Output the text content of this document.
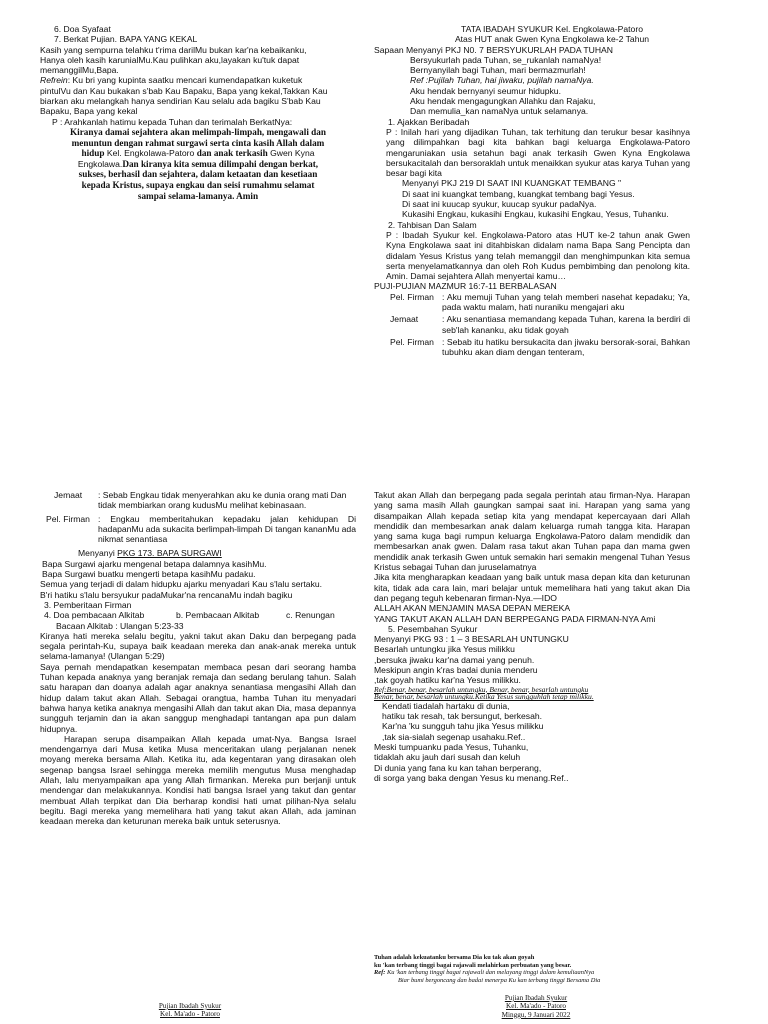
6. Doa Syafaat

7. Berkat Pujian. BAPA YANG KEKAL

Kasih yang sempurna telahku t'rima darilMu bukan kar'na kebaikanku,

Hanya oleh kasih karunialMu.Kau pulihkan aku,layakan ku'tuk dapat

memanggilMu,Bapa.

Refrein: Ku bri yang kupinta saatku mencari kumendapatkan kuketuk

pintulVu dan Kau bukakan s'bab Kau Bapaku, Bapa yang kekal,Takkan Kau

biarkan aku melangkah hanya sendirian Kau selalu ada bagiku S'bab Kau

Bapaku, Bapa yang kekal

P : Arahkanlah hatimu kepada Tuhan dan terimalah BerkatNya:

Kiranya damai sejahtera akan melimpah-limpah, mengawali dan

menuntun dengan rahmat surgawi serta cinta kasih Allah dalam

hidup Kel. Engkolawa-Patoro dan anak terkasih Gwen Kyna

Engkolawa.Dan kiranya kita semua dilimpahi dengan berkat,

sukses, berhasil dan sejahtera, dalam ketaatan dan kesetiaan

kepada Kristus, supaya engkau dan seisi rumahmu selamat

sampai selama-lamanya. Amin

TATA IBADAH SYUKUR Kel. Engkolawa-Patoro

Atas HUT anak Gwen Kyna Engkolawa ke-2 Tahun

Sapaan Menyanyi PKJ N0. 7 BERSYUKURLAH PADA TUHAN

Bersyukurlah pada Tuhan, se_rukanlah namaNya!

Bernyanyilah bagi Tuhan, mari bermazmurlah!

Ref :Pujilah Tuhan, hai jiwaku, pujilah namaNya.

Aku hendak bernyanyi seumur hidupku.

Aku hendak mengagungkan Allahku dan Rajaku,

Dan memulia_kan namaNya untuk selamanya.

1. Ajakkan Beribadah

P : Inilah hari yang dijadikan Tuhan, tak terhitung dan terukur besar kasihnya yang dilimpahkan bagi kita bahkan bagi keluarga Engkolawa-Patoro mengaruniakan usia setahun bagi anak terkasih Gwen Kyna Engkolawa bersukacitalah dan bersoraklah untuk menaikkan syukur atas karya Tuhan yang besar bagi kita

Menyanyi PKJ 219 DI SAAT INI KUANGKAT TEMBANG "

Di saat ini kuangkat tembang, kuangkat tembang bagi Yesus.

Di saat ini kuucap syukur, kuucap syukur padaNya.

Kukasihi Engkau, kukasihi Engkau, kukasihi Engkau, Yesus, Tuhanku.

2. Tahbisan Dan Salam

P : Ibadah Syukur kel. Engkolawa-Patoro atas HUT ke-2 tahun anak Gwen Kyna Engkolawa saat ini ditahbiskan didalam nama Bapa Sang Pencipta dan didalam Yesus Kristus yang telah memanggil dan menghimpunkan kita semua serta menyelamatkannya dan oleh Roh Kudus pembimbing dan penolong kita. Amin. Damai sejahtera Allah menyertai kamu…

PUJI-PUJIAN MAZMUR 16:7-11 BERBALASAN

Pel. Firman : Aku memuji Tuhan yang telah memberi nasehat kepadaku; Ya, pada waktu malam, hati nuraniku mengajari aku
Jemaat	: Aku senantiasa memandang kepada Tuhan, karena la berdiri di seb'lah kananku, aku tidak goyah
Pel. Firman : Sebab itu hatiku bersukacita dan jiwaku bersorak-sorai, Bahkan tubuhku akan diam dengan tenteram,
Jemaat	: Sebab Engkau tidak menyerahkan aku ke dunia orang mati Dan tidak membiarkan orang kudusMu melihat kebinasaan.
Pel. Firman : Engkau memberitahukan kepadaku jalan kehidupan Di hadapanMu ada sukacita berlimpah-limpah Di tangan kananMu ada nikmat senantiasa

Menyanyi PKG 173. BAPA SURGAWI

Bapa Surgawi ajarku mengenal betapa dalamnya kasihMu.

Bapa Surgawi buatku mengerti betapa kasihMu padaku.

Semua yang terjadi di dalam hidupku ajarku menyadari Kau s'lalu sertaku.

B'ri hatiku s'lalu bersyukur padaMukar'na rencanaMu indah bagiku

3. Pemberitaan Firman

4. Doa pembacaan Alkitab	b. Pembacaan Alkitab	c. Renungan

Bacaan Alkitab : Ulangan 5:23-33

Kiranya hati mereka selalu begitu, yakni takut akan Daku dan berpegang pada segala perintah-Ku, supaya baik keadaan mereka dan anak-anak mereka untuk selama-lamanya! (Ulangan 5:29)

Saya pernah mendapatkan kesempatan membaca pesan dari seorang hamba Tuhan kepada anaknya yang beranjak remaja dan sedang berulang tahun. Salah satu harapan dan doanya adalah agar anaknya senantiasa mengasihi Allah dan hidup dalam takut akan Allah. Sebagai orangtua, hamba Tuhan itu menyadari bahwa hanya ketika anaknya mengasihi Allah dan takut akan Dia, masa depannya sungguh terjamin dan ia akan sanggup menghadapi tantangan apa pun dalam hidupnya.

Harapan serupa disampaikan Allah kepada umat-Nya. Bangsa Israel mendengarnya dari Musa ketika Musa menceritakan ulang perjalanan nenek moyang mereka bersama Allah. Ketika itu, ada kegentaran yang dirasakan oleh segenap bangsa Israel sehingga mereka memilih mengutus Musa menghadap Allah, lalu menyampaikan apa yang Allah firmankan. Mereka pun berjanji untuk mendengar dan melakukannya. Kondisi hati bangsa Israel yang takut dan gentar membuat Allah terpikat dan Dia berharap kondisi hati umat pilihan-Nya selalu begitu. Bagi mereka yang memelihara hati yang takut akan Allah, ada jaminan keadaan mereka dan keturunan mereka baik untuk seterusnya.

Takut akan Allah dan berpegang pada segala perintah atau firman-Nya. Harapan yang sama masih Allah gaungkan sampai saat ini. Harapan yang sama yang disampaikan Allah kepada setiap kita yang mendapat kepercayaan dari Allah mendidik dan membesarkan anak dalam keluarga rumah tangga kita. Harapan yang sama kuga bagi rumpun keluarga Engkolawa-Patoro dalam mendidik dan membesarkan anak gwen. Dalam rasa takut akan Tuhan papa dan mama gwen mendidik anak terkasih Gwen untuk semakin hari semakin mengenal Tuhan Yesus Kristus sebagai Tuhan dan juruselamatnya

Jika kita mengharapkan keadaan yang baik untuk masa depan kita dan keturunan kita, tidak ada cara lain, mari belajar untuk memelihara hati yang takut akan Dia dan pegang teguh kebenaran firman-Nya.—IDO

ALLAH AKAN MENJAMIN MASA DEPAN MEREKA

YANG TAKUT AKAN ALLAH DAN BERPEGANG PADA FIRMAN-NYA Ami

5. Pesembahan Syukur

Menyanyi PKG 93 : 1 – 3 BESARLAH UNTUNGKU

Besarlah untungku jika Yesus milikku

,bersuka jiwaku kar'na damai yang penuh.

Meskipun angin k'ras badai dunia menderu

,tak goyah hatiku kar'na Yesus milikku.

Ref:Benar, benar, besarlah untungku, Benar, benar, besarlah untungku

Benar, benar, besarlah untungku.Ketika Yesus sungguhlah tetap milikku.

Kendati tiadalah hartaku di dunia,

hatiku tak resah, tak bersungut, berkesah.

Kar'na 'ku sungguh tahu jika Yesus milikku

,tak sia-sialah segenap usahaku.Ref..

Meski tumpuanku pada Yesus, Tuhanku,

tidaklah aku jauh dari susah dan keluh

Di dunia yang fana ku kan tahan berperang,

di sorga yang baka dengan Yesus ku menang.Ref..

Pujian Ibadah Syukur

Kel. Ma'ado - Patoro

Tuhan adalah kekuatanku bersama Dia ku tak akan goyah

ku 'kan terbang tinggi bagai rajawali melahirkan perbuatan yang besar.

Ref: Ku 'kan terbang tinggi bagai rajawali dan melayang tinggi dalam kemuliaanNya

Biar bumi bergoncang dan badai menerpa Ku kan terbang tinggi Bersama Dia

Pujian Ibadah Syukur

Kel. Ma'ado - Patoro

Minggu, 9 Januari 2022
